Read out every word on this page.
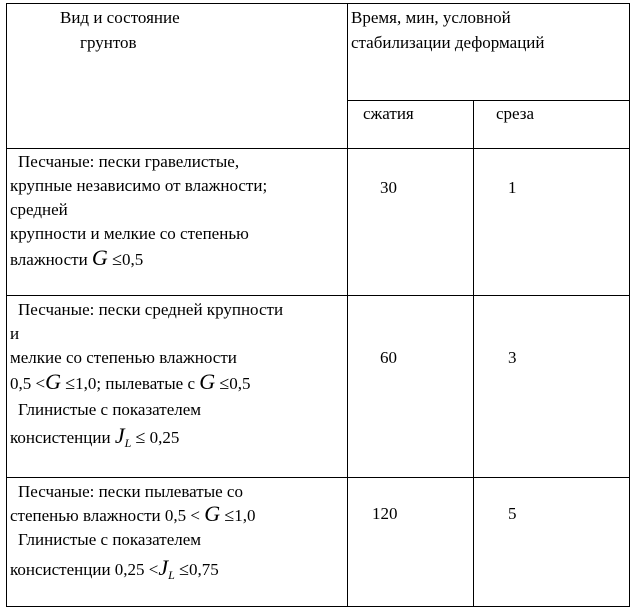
Вид и состояние
грунтов
Время, мин, условной
стабилизации деформаций
сжатия	среза
Песчаные: пески гравелистые,
крупные независимо от влажности;
средней
крупности и мелкие со степенью
влажности G ≤0,5
30	1
Песчаные: пески средней крупности
и
мелкие со степенью влажности
0,5 <G ≤1,0; пылеватые с G ≤0,5
Глинистые с показателем
консистенции $J_L \le 0,25$
60	3
Песчаные: пески пылеватые со
степенью влажности 0,5 < G ≤1,0
Глинистые с показателем
консистенции $0,25 <J_L \le 0,75$
120	5
